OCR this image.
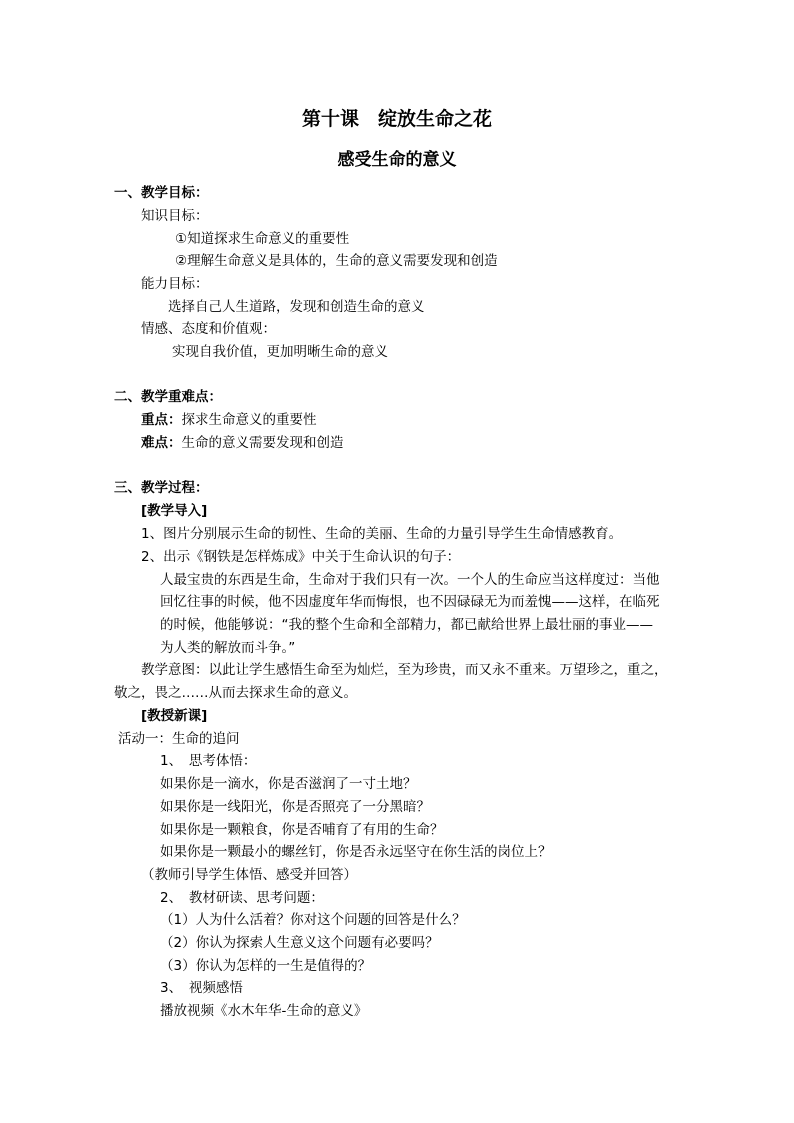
第十课　绽放生命之花
感受生命的意义
一、教学目标：
知识目标：
①知道探求生命意义的重要性
②理解生命意义是具体的，生命的意义需要发现和创造
能力目标：
选择自己人生道路，发现和创造生命的意义
情感、态度和价值观：
实现自我价值，更加明晰生命的意义
二、教学重难点：
重点：探求生命意义的重要性
难点：生命的意义需要发现和创造
三、教学过程：
[教学导入]
1、图片分别展示生命的韧性、生命的美丽、生命的力量引导学生生命情感教育。
2、出示《钢铁是怎样炼成》中关于生命认识的句子：
人最宝贵的东西是生命，生命对于我们只有一次。一个人的生命应当这样度过：当他
回忆往事的时候，他不因虚度年华而悔恨，也不因碌碌无为而羞愧——这样，在临死
的时候，他能够说：“我的整个生命和全部精力，都已献给世界上最壮丽的事业——
为人类的解放而斗争。”
教学意图：以此让学生感悟生命至为灿烂，至为珍贵，而又永不重来。万望珍之，重之，
敬之，畏之……从而去探求生命的意义。
[教授新课]
活动一：生命的追问
1、　思考体悟：
如果你是一滴水，你是否滋润了一寸土地？
如果你是一线阳光，你是否照亮了一分黑暗？
如果你是一颗粮食，你是否哺育了有用的生命？
如果你是一颗最小的螺丝钉，你是否永远坚守在你生活的岗位上？
（教师引导学生体悟、感受并回答）
2、　教材研读、思考问题：
（1）人为什么活着？你对这个问题的回答是什么？
（2）你认为探索人生意义这个问题有必要吗？
（3）你认为怎样的一生是值得的？
3、　视频感悟
播放视频《水木年华-生命的意义》
